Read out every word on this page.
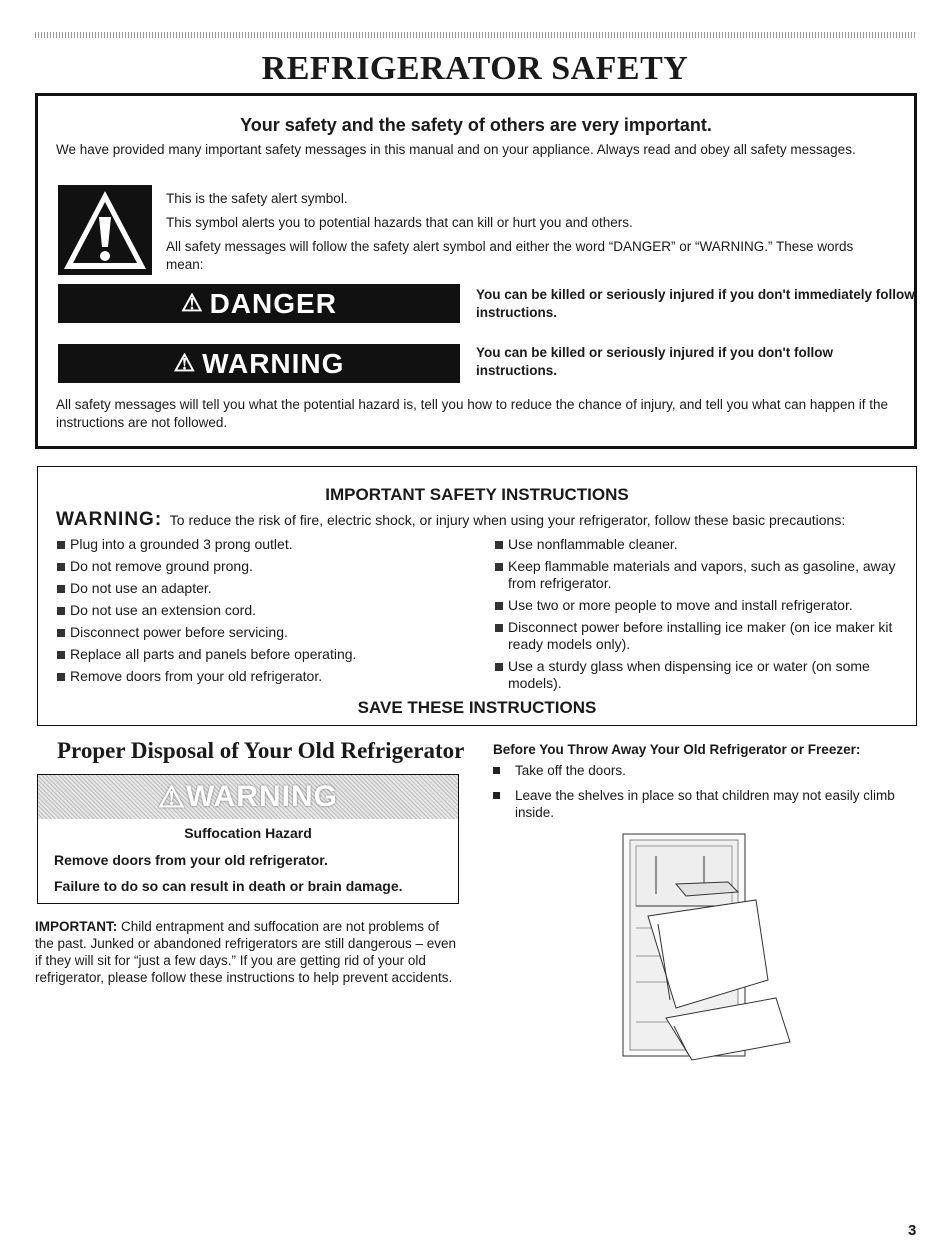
REFRIGERATOR SAFETY
Your safety and the safety of others are very important.
We have provided many important safety messages in this manual and on your appliance. Always read and obey all safety messages.

This is the safety alert symbol.

This symbol alerts you to potential hazards that can kill or hurt you and others.

All safety messages will follow the safety alert symbol and either the word “DANGER” or “WARNING.” These words mean:

⚠ DANGER	You can be killed or seriously injured if you don't immediately follow instructions.
⚠ WARNING	You can be killed or seriously injured if you don't follow instructions.
All safety messages will tell you what the potential hazard is, tell you how to reduce the chance of injury, and tell you what can happen if the instructions are not followed.
IMPORTANT SAFETY INSTRUCTIONS
WARNING: To reduce the risk of fire, electric shock, or injury when using your refrigerator, follow these basic precautions:
Plug into a grounded 3 prong outlet.
Do not remove ground prong.
Do not use an adapter.
Do not use an extension cord.
Disconnect power before servicing.
Replace all parts and panels before operating.
Remove doors from your old refrigerator.
Use nonflammable cleaner.
Keep flammable materials and vapors, such as gasoline, away from refrigerator.
Use two or more people to move and install refrigerator.
Disconnect power before installing ice maker (on ice maker kit ready models only).
Use a sturdy glass when dispensing ice or water (on some models).
SAVE THESE INSTRUCTIONS
Proper Disposal of Your Old Refrigerator
⚠ WARNING
Suffocation Hazard
Remove doors from your old refrigerator.
Failure to do so can result in death or brain damage.
IMPORTANT: Child entrapment and suffocation are not problems of the past. Junked or abandoned refrigerators are still dangerous – even if they will sit for “just a few days.” If you are getting rid of your old refrigerator, please follow these instructions to help prevent accidents.
Before You Throw Away Your Old Refrigerator or Freezer:
Take off the doors.
Leave the shelves in place so that children may not easily climb inside.
3
